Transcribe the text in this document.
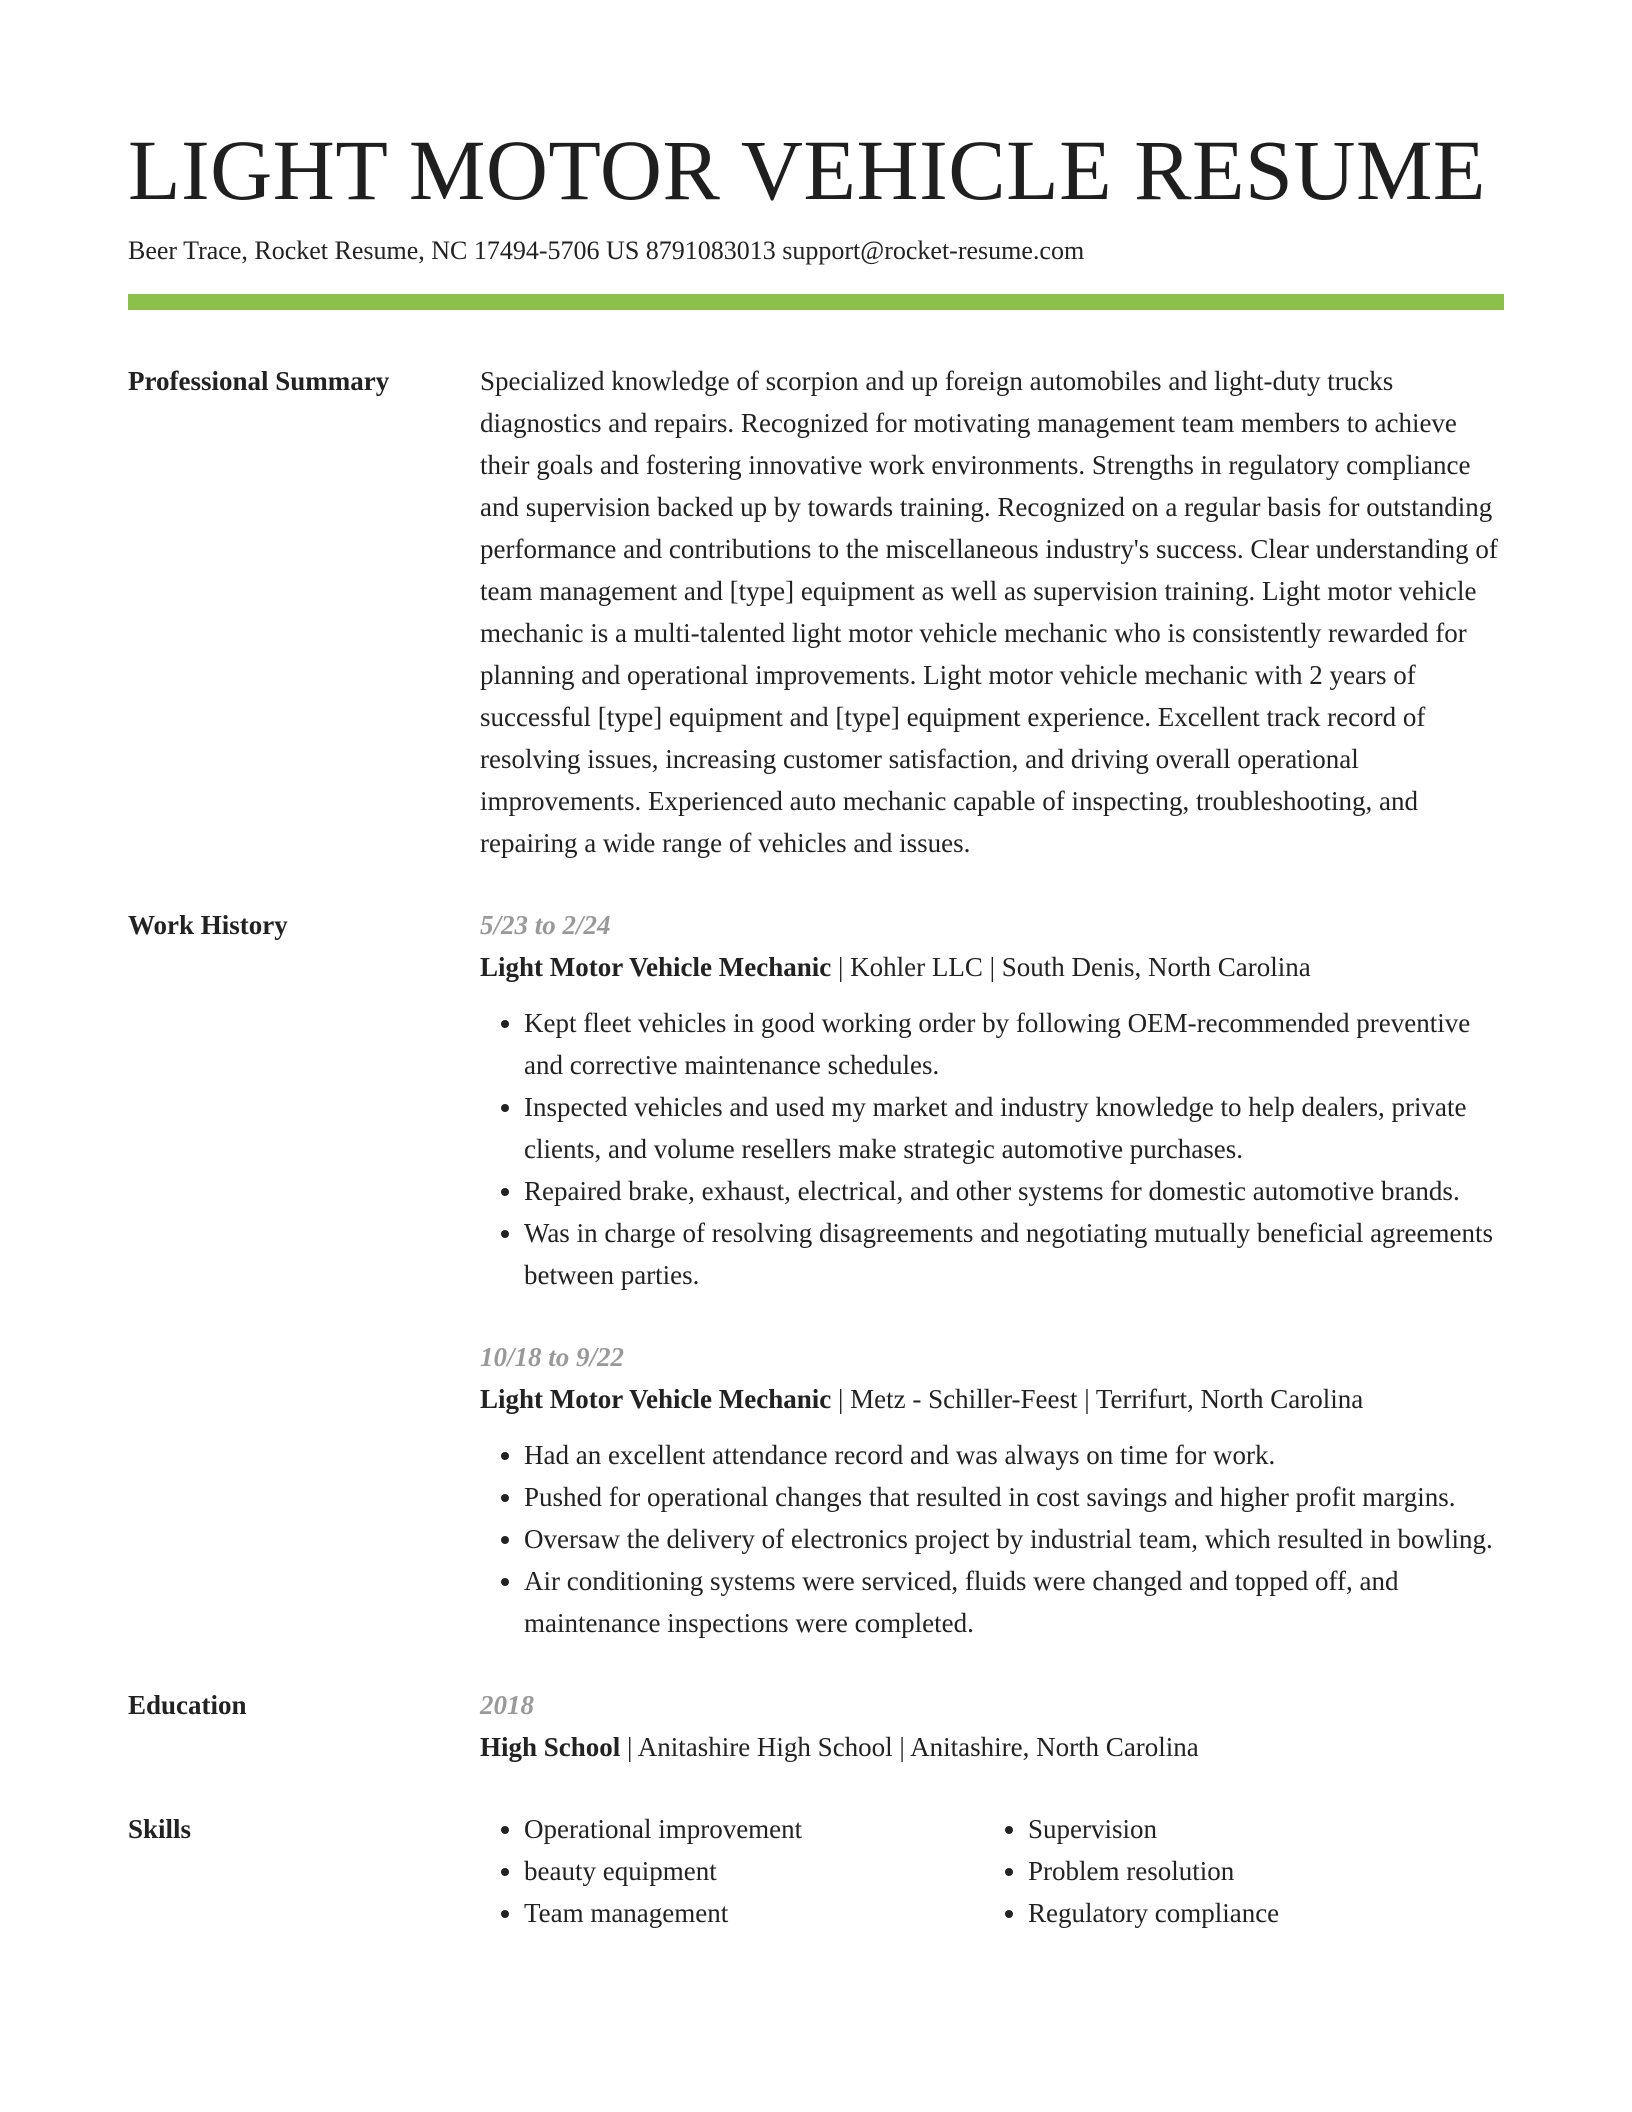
LIGHT MOTOR VEHICLE RESUME
Beer Trace, Rocket Resume, NC 17494-5706 US 8791083013 support@rocket-resume.com
Professional Summary	Specialized knowledge of scorpion and up foreign automobiles and light-duty trucks diagnostics and repairs. Recognized for motivating management team members to achieve their goals and fostering innovative work environments. Strengths in regulatory compliance and supervision backed up by towards training. Recognized on a regular basis for outstanding performance and contributions to the miscellaneous industry's success. Clear understanding of team management and [type] equipment as well as supervision training. Light motor vehicle mechanic is a multi-talented light motor vehicle mechanic who is consistently rewarded for planning and operational improvements. Light motor vehicle mechanic with 2 years of successful [type] equipment and [type] equipment experience. Excellent track record of resolving issues, increasing customer satisfaction, and driving overall operational improvements. Experienced auto mechanic capable of inspecting, troubleshooting, and repairing a wide range of vehicles and issues.

Work History	5/23 to 2/24
Light Motor Vehicle Mechanic | Kohler LLC | South Denis, North Carolina
• Kept fleet vehicles in good working order by following OEM-recommended preventive and corrective maintenance schedules.
• Inspected vehicles and used my market and industry knowledge to help dealers, private clients, and volume resellers make strategic automotive purchases.
• Repaired brake, exhaust, electrical, and other systems for domestic automotive brands.
• Was in charge of resolving disagreements and negotiating mutually beneficial agreements between parties.
10/18 to 9/22
Light Motor Vehicle Mechanic | Metz - Schiller-Feest | Terrifurt, North Carolina
• Had an excellent attendance record and was always on time for work.
• Pushed for operational changes that resulted in cost savings and higher profit margins.
• Oversaw the delivery of electronics project by industrial team, which resulted in bowling.
• Air conditioning systems were serviced, fluids were changed and topped off, and maintenance inspections were completed.
Education	2018
High School | Anitashire High School | Anitashire, North Carolina
Skills
•	Operational improvement
• beauty equipment
• Team management
• Supervision
• Problem resolution
• Regulatory compliance
